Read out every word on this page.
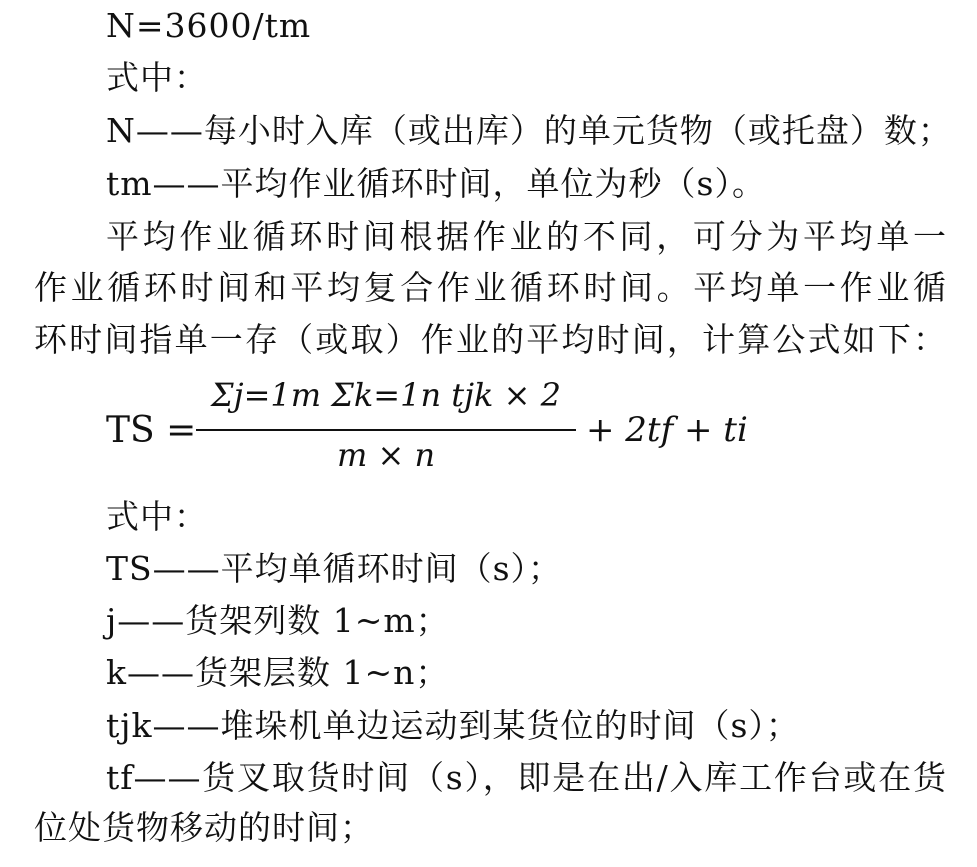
N=3600/tm
式中：
N——每小时入库（或出库）的单元货物（或托盘）数；
tm——平均作业循环时间，单位为秒（s）。
平均作业循环时间根据作业的不同，可分为平均单一
作业循环时间和平均复合作业循环时间。平均单一作业循
环时间指单一存（或取）作业的平均时间，计算公式如下：
TS =
Σj=1m Σk=1n tjk × 2
m × n
+ 2tf + ti
式中：
TS——平均单循环时间（s）；
j——货架列数 1~m；
k——货架层数 1~n；
tjk——堆垛机单边运动到某货位的时间（s）；
tf——货叉取货时间（s），即是在出/入库工作台或在货
位处货物移动的时间；
